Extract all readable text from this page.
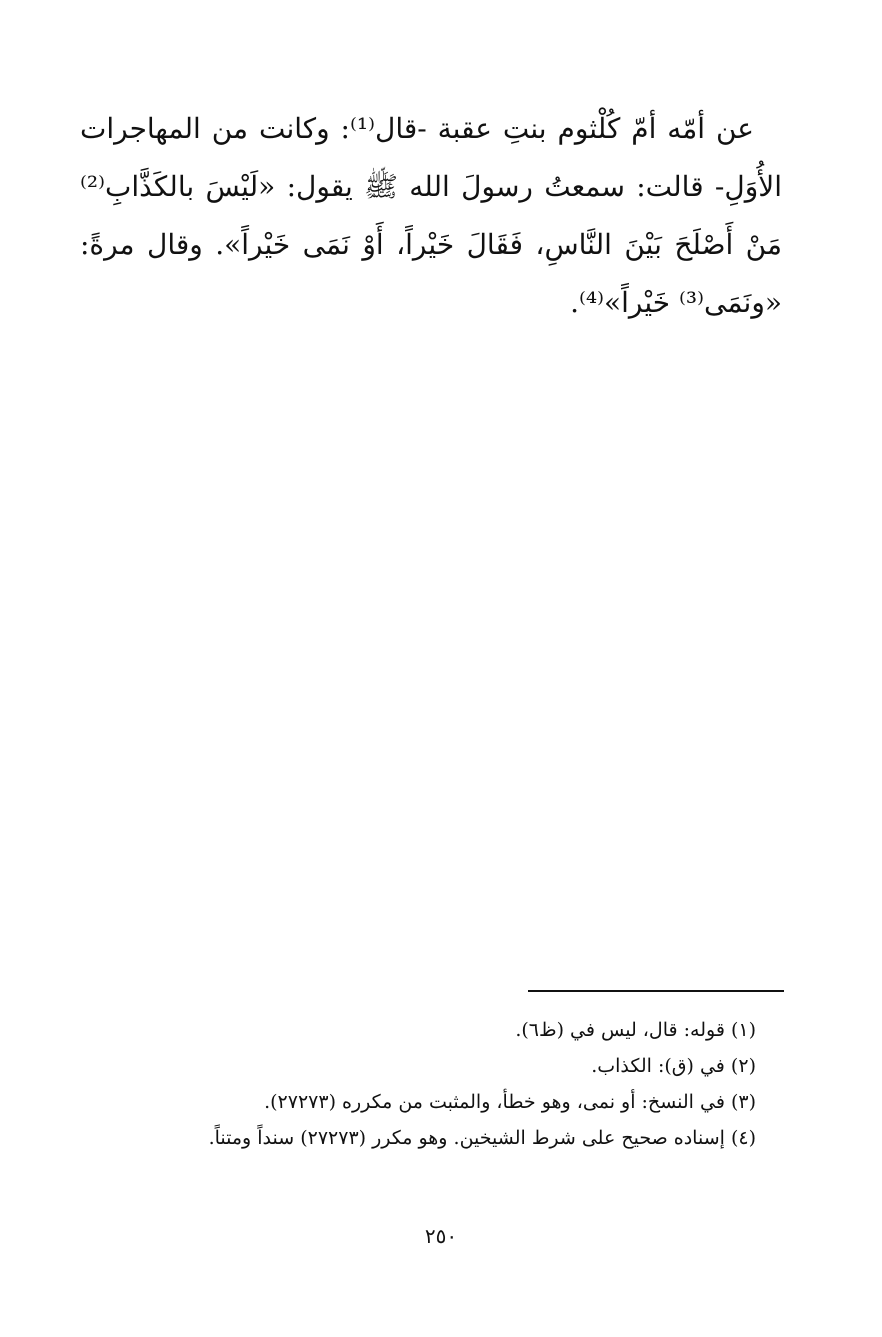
عن أمّه أمّ كُلْثوم بنتِ عقبة -قال⁽¹⁾: وكانت من المهاجرات الأُوَلِ- قالت: سمعتُ رسولَ الله ﷺ يقول: «لَيْسَ بالكَذَّابِ⁽²⁾ مَنْ أَصْلَحَ بَيْنَ النَّاسِ، فَقَالَ خَيْراً، أَوْ نَمَى خَيْراً». وقال مرةً: «ونَمَى⁽³⁾ خَيْراً»⁽⁴⁾.

(١) قوله: قال، ليس في (ظ٦).

(٢) في (ق): الكذاب.

(٣) في النسخ: أو نمى، وهو خطأ، والمثبت من مكرره (٢٧٢٧٣).

(٤) إسناده صحيح على شرط الشيخين. وهو مكرر (٢٧٢٧٣) سنداً ومتناً.

٢٥٠
